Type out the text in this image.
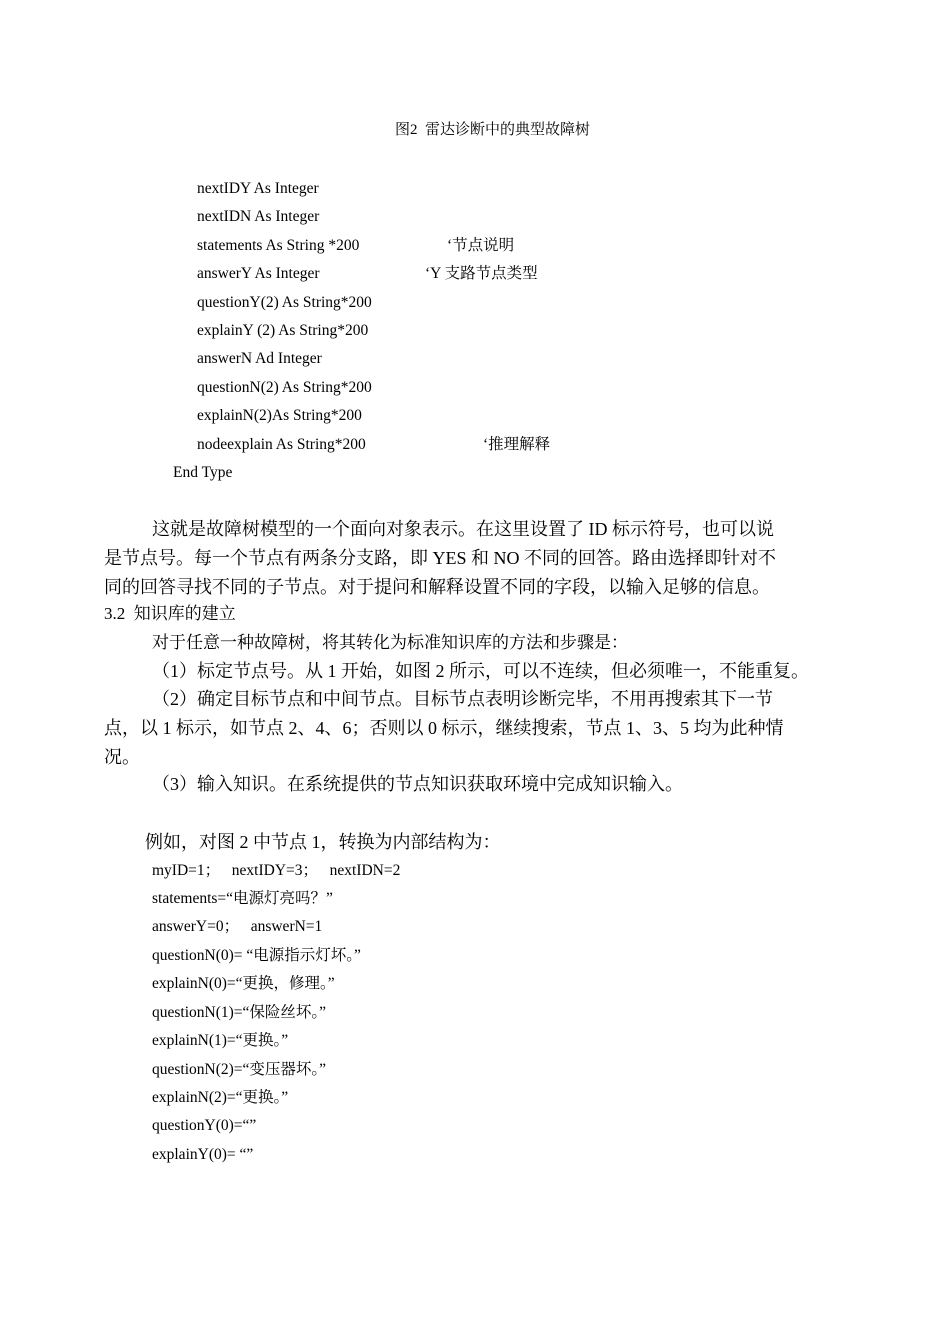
图2  雷达诊断中的典型故障树
nextIDY As Integer
nextIDN As Integer
statements As String *200	‘节点说明
answerY As Integer	‘Y 支路节点类型
questionY(2) As String*200
explainY (2) As String*200
answerN Ad Integer
questionN(2) As String*200
explainN(2)As String*200
nodeexplain As String*200	‘推理解释
End Type
这就是故障树模型的一个面向对象表示。在这里设置了 ID 标示符号，也可以说
是节点号。每一个节点有两条分支路，即 YES 和 NO 不同的回答。路由选择即针对不
同的回答寻找不同的子节点。对于提问和解释设置不同的字段，以输入足够的信息。
3.2  知识库的建立
对于任意一种故障树，将其转化为标准知识库的方法和步骤是：
（1）标定节点号。从 1 开始，如图 2 所示，可以不连续，但必须唯一，不能重复。
（2）确定目标节点和中间节点。目标节点表明诊断完毕，不用再搜索其下一节
点，以 1 标示，如节点 2、4、6；否则以 0 标示，继续搜索，节点 1、3、5 均为此种情
况。
（3）输入知识。在系统提供的节点知识获取环境中完成知识输入。
例如，对图 2 中节点 1，转换为内部结构为：
myID=1；   nextIDY=3；   nextIDN=2
statements=“电源灯亮吗？”
answerY=0；   answerN=1
questionN(0)= “电源指示灯坏。”
explainN(0)=“更换，修理。”
questionN(1)=“保险丝坏。”
explainN(1)=“更换。”
questionN(2)=“变压器坏。”
explainN(2)=“更换。”
questionY(0)=“”
explainY(0)= “”
